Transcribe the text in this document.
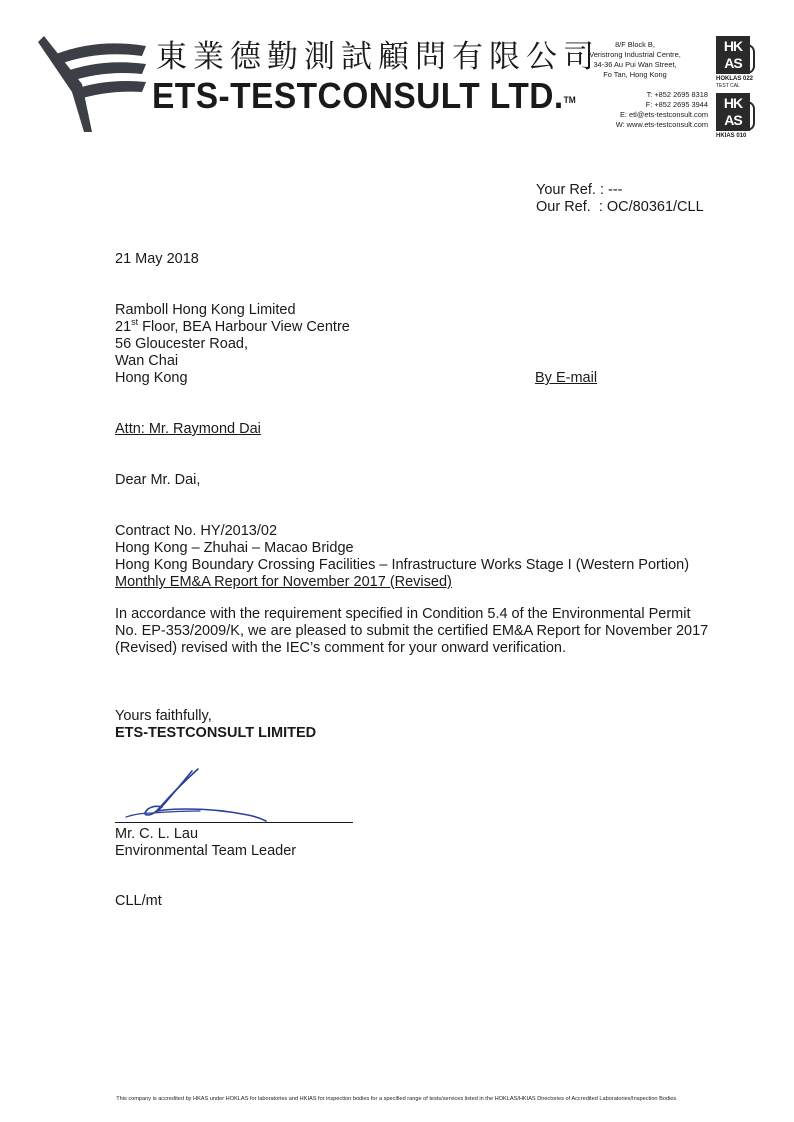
東業德勤測試顧問有限公司
ETS-TESTCONSULT LTD.™
8/F Block B,
Veristrong Industrial Centre,
34-36 Au Pui Wan Street,
Fo Tan, Hong Kong
T: +852 2695 8318
F: +852 2695 3944
E: etl@ets-testconsult.com
W: www.ets-testconsult.com
HK
AS
HOKLAS 022
TEST CAL
HK
AS
HKIAS 010
Your Ref. : ---
Our Ref.  : OC/80361/CLL
21 May 2018
Ramboll Hong Kong Limited
21st Floor, BEA Harbour View Centre
56 Gloucester Road,
Wan Chai
Hong Kong	By E-mail
Attn: Mr. Raymond Dai
Dear Mr. Dai,
Contract No. HY/2013/02
Hong Kong – Zhuhai – Macao Bridge
Hong Kong Boundary Crossing Facilities – Infrastructure Works Stage I (Western Portion)
Monthly EM&A Report for November 2017 (Revised)
In accordance with the requirement specified in Condition 5.4 of the Environmental Permit No. EP-353/2009/K, we are pleased to submit the certified EM&A Report for November 2017 (Revised) revised with the IEC’s comment for your onward verification.
Yours faithfully,
ETS-TESTCONSULT LIMITED
Mr. C. L. Lau
Environmental Team Leader
CLL/mt
This company is accredited by HKAS under HOKLAS for laboratories and HKIAS for inspection bodies for a specified range of tests/services listed in the HOKLAS/HKIAS Directories of Accredited Laboratories/Inspection Bodies.
